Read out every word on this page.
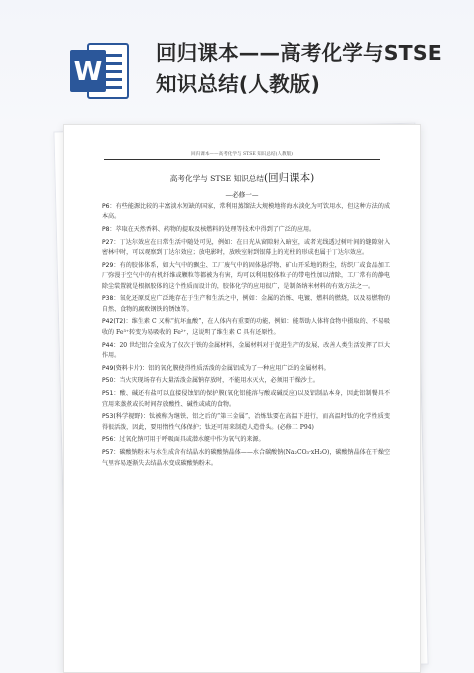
W
回归课本——高考化学与STSE知识总结(人教版)
回归课本——高考化学与 STSE 知识总结(人教版)
高考化学与 STSE 知识总结(回归课本)
—必修一—

P6：有些能源比较的丰富淡水短缺的国家，常利用蒸馏法大规模地将海水淡化为可饮用水，但这种方法的成本高。

P8：萃取在天然香料、药物的提取及核燃料的处理等技术中得到了广泛的应用。

P27：丁达尔效应在日常生活中随处可见，例如：在日光从窗隙射入暗室，或者光线透过树叶间的缝隙射入密林中时，可以观察到丁达尔效应；放电影时，放映室射到银幕上的光柱的形成也属于丁达尔效应。

P29：有的胶体体系，如大气中的飘尘、工厂废气中的固体悬浮物、矿山开采地的粉尘，纺织厂或食品加工厂弥漫于空气中的有机纤维或颗粒等都被为有害，均可以利用胶体粒子的带电性加以清除，工厂常有的静电除尘装置就是根据胶体的这个性质而设计的，胶体化学的应用很广，是制备纳米材料的有效方法之一。

P38：氧化还原反应广泛地存在于生产和生活之中，例如：金属的冶炼、电镀、燃料的燃烧，以及易燃物的自然、食物的腐败钢铁的锈蚀等。

P42(T2)：维生素 C 又称“抗坏血酸”，在人体内有重要的功能，例如：能帮助人体将食物中摄取的、不易吸收的 Fe³⁺转变为易吸收的 Fe²⁺，这说明了维生素 C 具有还原性。

P44：20 世纪铝合金成为了仅次于铁的金属材料，金属材料对于促进生产的发展、改善人类生活发挥了巨大作用。

P49(资料卡片)：铝的氧化膜使得性质活泼的金属铝成为了一种应用广泛的金属材料。

P50：当火灾现场存有大量活泼金属钠存放时，不能用水灭火，必须用干燥沙土。

P51：酸、碱还有盐可以直接侵蚀铝的保护膜(氧化铝能溶与酸或碱反应)以及铝制品本身，因此铝制餐具不宜用来蒸煮或长时间存放酸性、碱性或咸的食物。

P53(科学视野)：钛被称为继铁、铝之后的“第三金属”，冶炼钛要在高温下进行，而高温时钛的化学性质变得很活泼，因此，要用惰性气体保护；钛还可用来制造人造骨头。(必修二 P94)

P56：过氧化钠可用于呼吸面具或潜水艇中作为氧气的来源。

P57：碳酸钠粉末与水生成含有结晶水的碳酸钠晶体——水合碳酸钠(Na₂CO₃·xH₂O)，碳酸钠晶体在干燥空气里容易逐渐失去结晶水变成碳酸钠粉末。
